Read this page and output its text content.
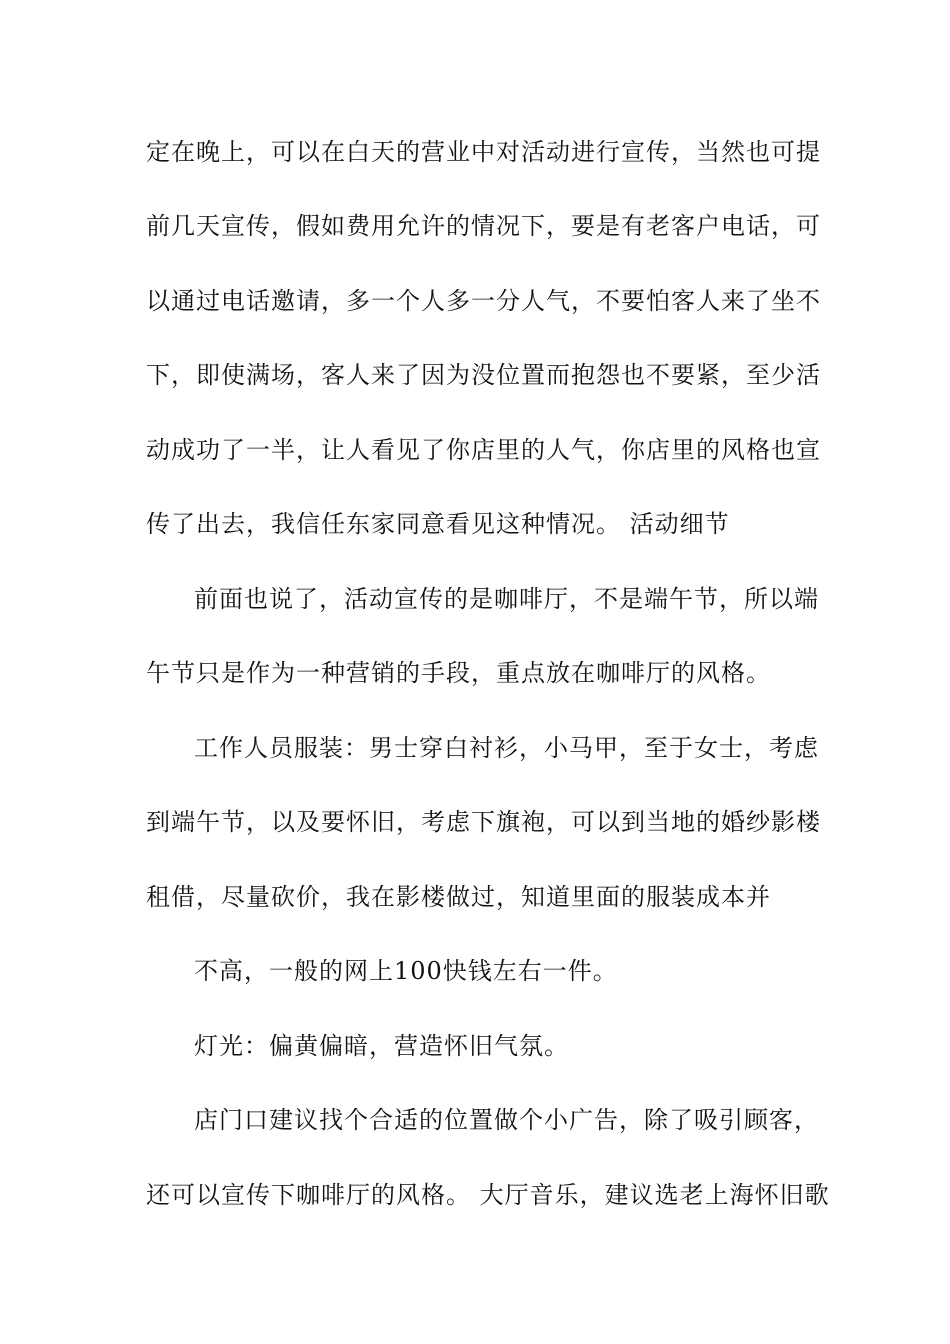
定在晚上，可以在白天的营业中对活动进行宣传，当然也可提
前几天宣传，假如费用允许的情况下，要是有老客户电话，可
以通过电话邀请，多一个人多一分人气，不要怕客人来了坐不
下，即使满场，客人来了因为没位置而抱怨也不要紧，至少活
动成功了一半，让人看见了你店里的人气，你店里的风格也宣
传了出去，我信任东家同意看见这种情况。 活动细节
前面也说了，活动宣传的是咖啡厅，不是端午节，所以端
午节只是作为一种营销的手段，重点放在咖啡厅的风格。
工作人员服装：男士穿白衬衫，小马甲，至于女士，考虑
到端午节，以及要怀旧，考虑下旗袍，可以到当地的婚纱影楼
租借，尽量砍价，我在影楼做过，知道里面的服装成本并
不高，一般的网上100快钱左右一件。
灯光：偏黄偏暗，营造怀旧气氛。
店门口建议找个合适的位置做个小广告，除了吸引顾客，
还可以宣传下咖啡厅的风格。 大厅音乐，建议选老上海怀旧歌
